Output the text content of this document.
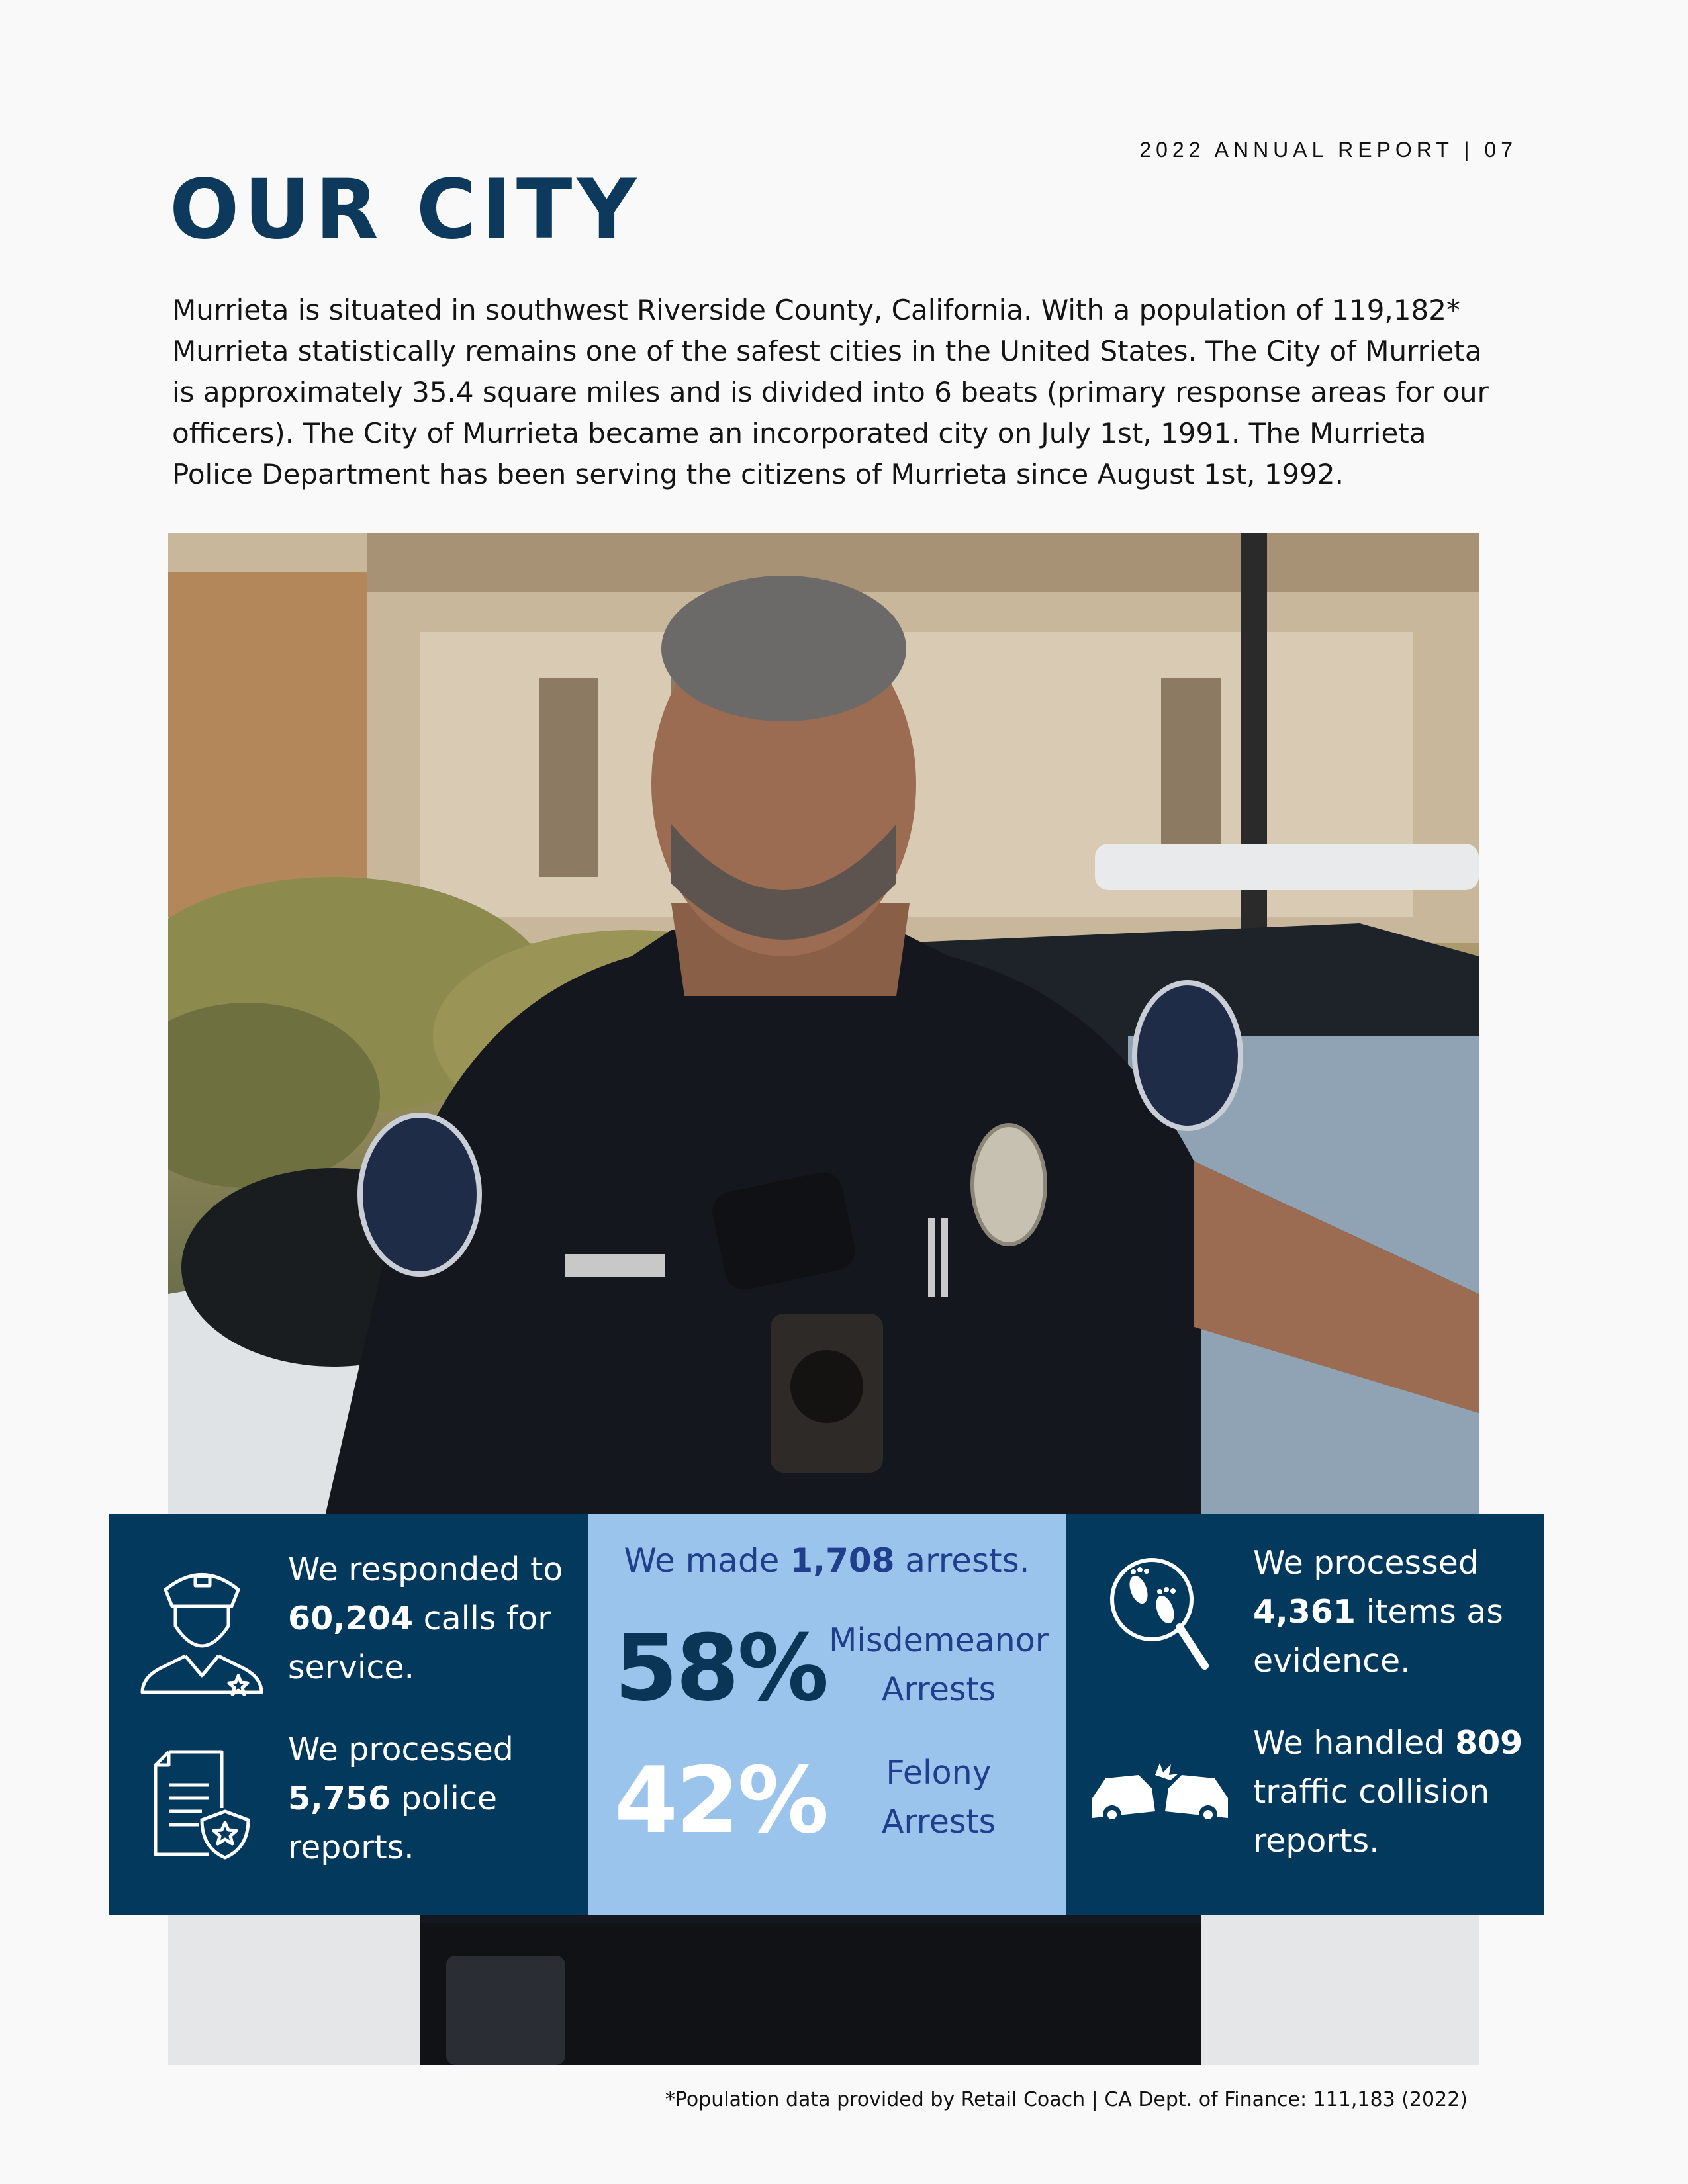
2022 ANNUAL REPORT | 07
OUR CITY

Murrieta is situated in southwest Riverside County, California. With a population of 119,182* Murrieta statistically remains one of the safest cities in the United States. The City of Murrieta is approximately 35.4 square miles and is divided into 6 beats (primary response areas for our officers). The City of Murrieta became an incorporated city on July 1st, 1991. The Murrieta Police Department has been serving the citizens of Murrieta since August 1st, 1992.

We responded to
60,204 calls for service.
We processed
5,756 police reports.
We made 1,708 arrests.
58% Misdemeanor
Arrests
42%	Felony
Arrests
We processed
4,361 items as evidence.
We handled 809
traffic collision reports.
*Population data provided by Retail Coach | CA Dept. of Finance: 111,183 (2022)
